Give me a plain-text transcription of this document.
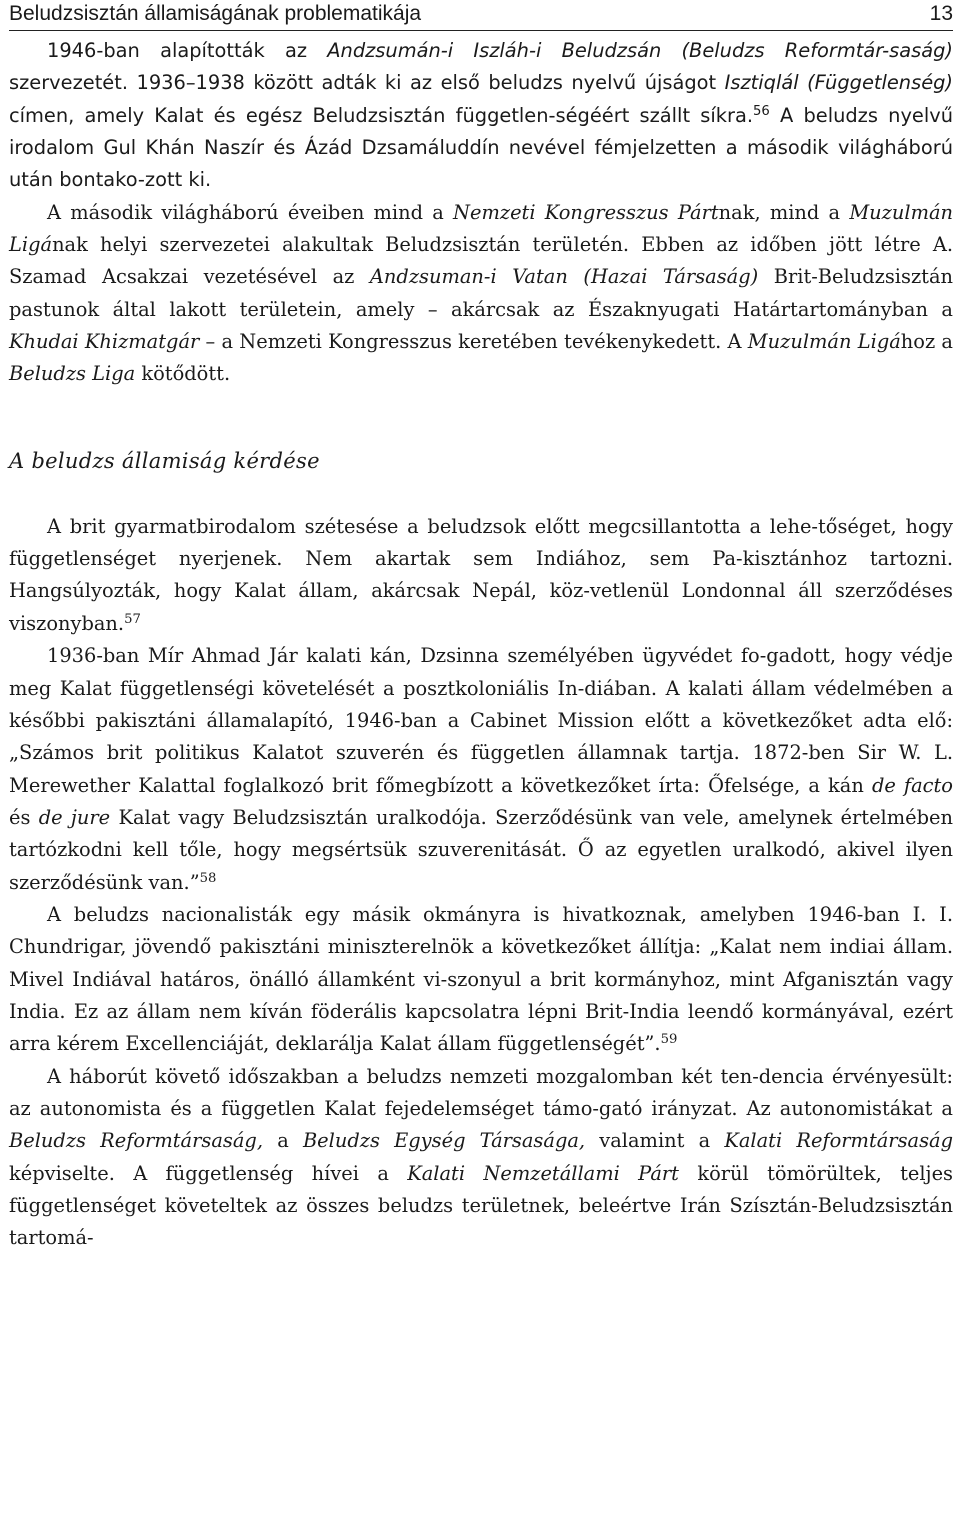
Beludzsisztán államiságának problematikája	13

1946-ban alapították az Andzsumán-i Iszláh-i Beludzsán (Beludzs Reformtár-saság) szervezetét. 1936–1938 között adták ki az első beludzs nyelvű újságot Isztiqlál (Függetlenség) címen, amely Kalat és egész Beludzsisztán független-ségéért szállt síkra.$^{56}$ A beludzs nyelvű irodalom Gul Khán Naszír és Ázád Dzsamáluddín nevével fémjelzetten a második világháború után bontako-zott ki.

A második világháború éveiben mind a Nemzeti Kongresszus Pártnak, mind a Muzulmán Ligának helyi szervezetei alakultak Beludzsisztán területén. Ebben az időben jött létre A. Szamad Acsakzai vezetésével az Andzsuman-i Vatan (Hazai Társaság) Brit-Beludzsisztán pastunok által lakott területein, amely – akárcsak az Északnyugati Határtartományban a Khudai Khizmatgár – a Nemzeti Kongresszus keretében tevékenykedett. A Muzulmán Ligához a Beludzs Liga kötődött.

A beludzs államiság kérdése

A brit gyarmatbirodalom szétesése a beludzsok előtt megcsillantotta a lehe-tőséget, hogy függetlenséget nyerjenek. Nem akartak sem Indiához, sem Pa-kisztánhoz tartozni. Hangsúlyozták, hogy Kalat állam, akárcsak Nepál, köz-vetlenül Londonnal áll szerződéses viszonyban.$^{57}$

1936-ban Mír Ahmad Jár kalati kán, Dzsinna személyében ügyvédet fo-gadott, hogy védje meg Kalat függetlenségi követelését a posztkoloniális In-diában. A kalati állam védelmében a későbbi pakisztáni államalapító, 1946-ban a Cabinet Mission előtt a következőket adta elő: „Számos brit politikus Kalatot szuverén és független államnak tartja. 1872-ben Sir W. L. Merewether Kalattal foglalkozó brit főmegbízott a következőket írta: Őfelsége, a kán de facto és de jure Kalat vagy Beludzsisztán uralkodója. Szerződésünk van vele, amelynek értelmében tartózkodni kell tőle, hogy megsértsük szuverenitását. Ő az egyetlen uralkodó, akivel ilyen szerződésünk van.”$^{58}$

A beludzs nacionalisták egy másik okmányra is hivatkoznak, amelyben 1946-ban I. I. Chundrigar, jövendő pakisztáni miniszterelnök a következőket állítja: „Kalat nem indiai állam. Mivel Indiával határos, önálló államként vi-szonyul a brit kormányhoz, mint Afganisztán vagy India. Ez az állam nem kíván föderális kapcsolatra lépni Brit-India leendő kormányával, ezért arra kérem Excellenciáját, deklarálja Kalat állam függetlenségét”.$^{59}$

A háborút követő időszakban a beludzs nemzeti mozgalomban két ten-dencia érvényesült: az autonomista és a független Kalat fejedelemséget támo-gató irányzat. Az autonomistákat a Beludzs Reformtársaság, a Beludzs Egység Társasága, valamint a Kalati Reformtársaság képviselte. A függetlenség hívei a Kalati Nemzetállami Párt körül tömörültek, teljes függetlenséget követeltek az összes beludzs területnek, beleértve Irán Szísztán-Beludzsisztán tartomá-
